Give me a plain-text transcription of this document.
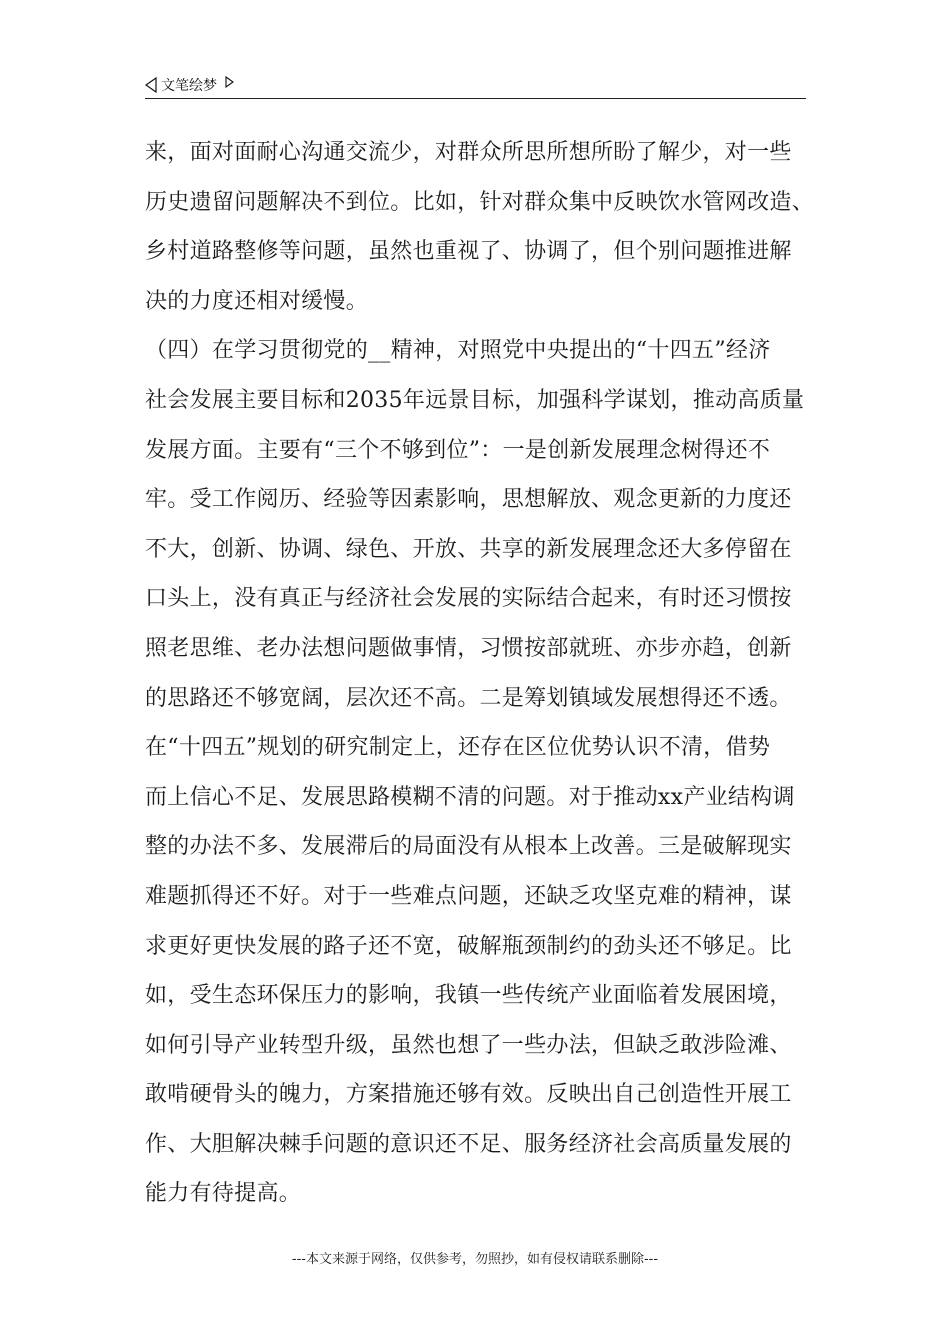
文笔绘梦
来，面对面耐心沟通交流少，对群众所思所想所盼了解少，对一些
历史遗留问题解决不到位。比如，针对群众集中反映饮水管网改造、
乡村道路整修等问题，虽然也重视了、协调了，但个别问题推进解
决的力度还相对缓慢。
（四）在学习贯彻党的__精神，对照党中央提出的“十四五”经济
社会发展主要目标和2035年远景目标，加强科学谋划，推动高质量
发展方面。主要有“三个不够到位”：一是创新发展理念树得还不
牢。受工作阅历、经验等因素影响，思想解放、观念更新的力度还
不大，创新、协调、绿色、开放、共享的新发展理念还大多停留在
口头上，没有真正与经济社会发展的实际结合起来，有时还习惯按
照老思维、老办法想问题做事情，习惯按部就班、亦步亦趋，创新
的思路还不够宽阔，层次还不高。二是筹划镇域发展想得还不透。
在“十四五”规划的研究制定上，还存在区位优势认识不清，借势
而上信心不足、发展思路模糊不清的问题。对于推动xx产业结构调
整的办法不多、发展滞后的局面没有从根本上改善。三是破解现实
难题抓得还不好。对于一些难点问题，还缺乏攻坚克难的精神，谋
求更好更快发展的路子还不宽，破解瓶颈制约的劲头还不够足。比
如，受生态环保压力的影响，我镇一些传统产业面临着发展困境，
如何引导产业转型升级，虽然也想了一些办法，但缺乏敢涉险滩、
敢啃硬骨头的魄力，方案措施还够有效。反映出自己创造性开展工
作、大胆解决棘手问题的意识还不足、服务经济社会高质量发展的
能力有待提高。
---本文来源于网络，仅供参考，勿照抄，如有侵权请联系删除---
